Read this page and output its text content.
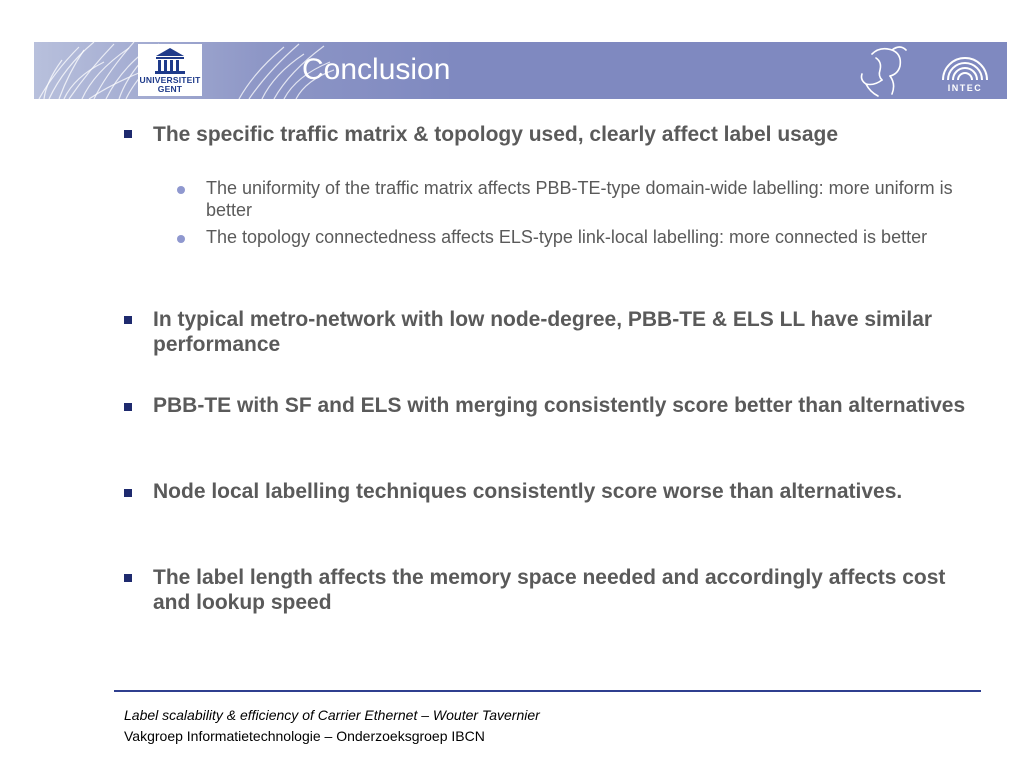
UNIVERSITEIT
GENT
Conclusion
INTEC
The specific traffic matrix & topology used, clearly affect label usage
The uniformity of the traffic matrix affects PBB-TE-type domain-wide labelling: more uniform is better
The topology connectedness affects ELS-type link-local labelling: more connected is better
In typical metro-network with low node-degree, PBB-TE & ELS LL have similar performance
PBB-TE with SF and ELS with merging consistently score better than alternatives
Node local labelling techniques consistently score worse than alternatives.
The label length affects the memory space needed and accordingly affects cost and lookup speed
Label scalability & efficiency of Carrier Ethernet – Wouter Tavernier
Vakgroep Informatietechnologie – Onderzoeksgroep IBCN
